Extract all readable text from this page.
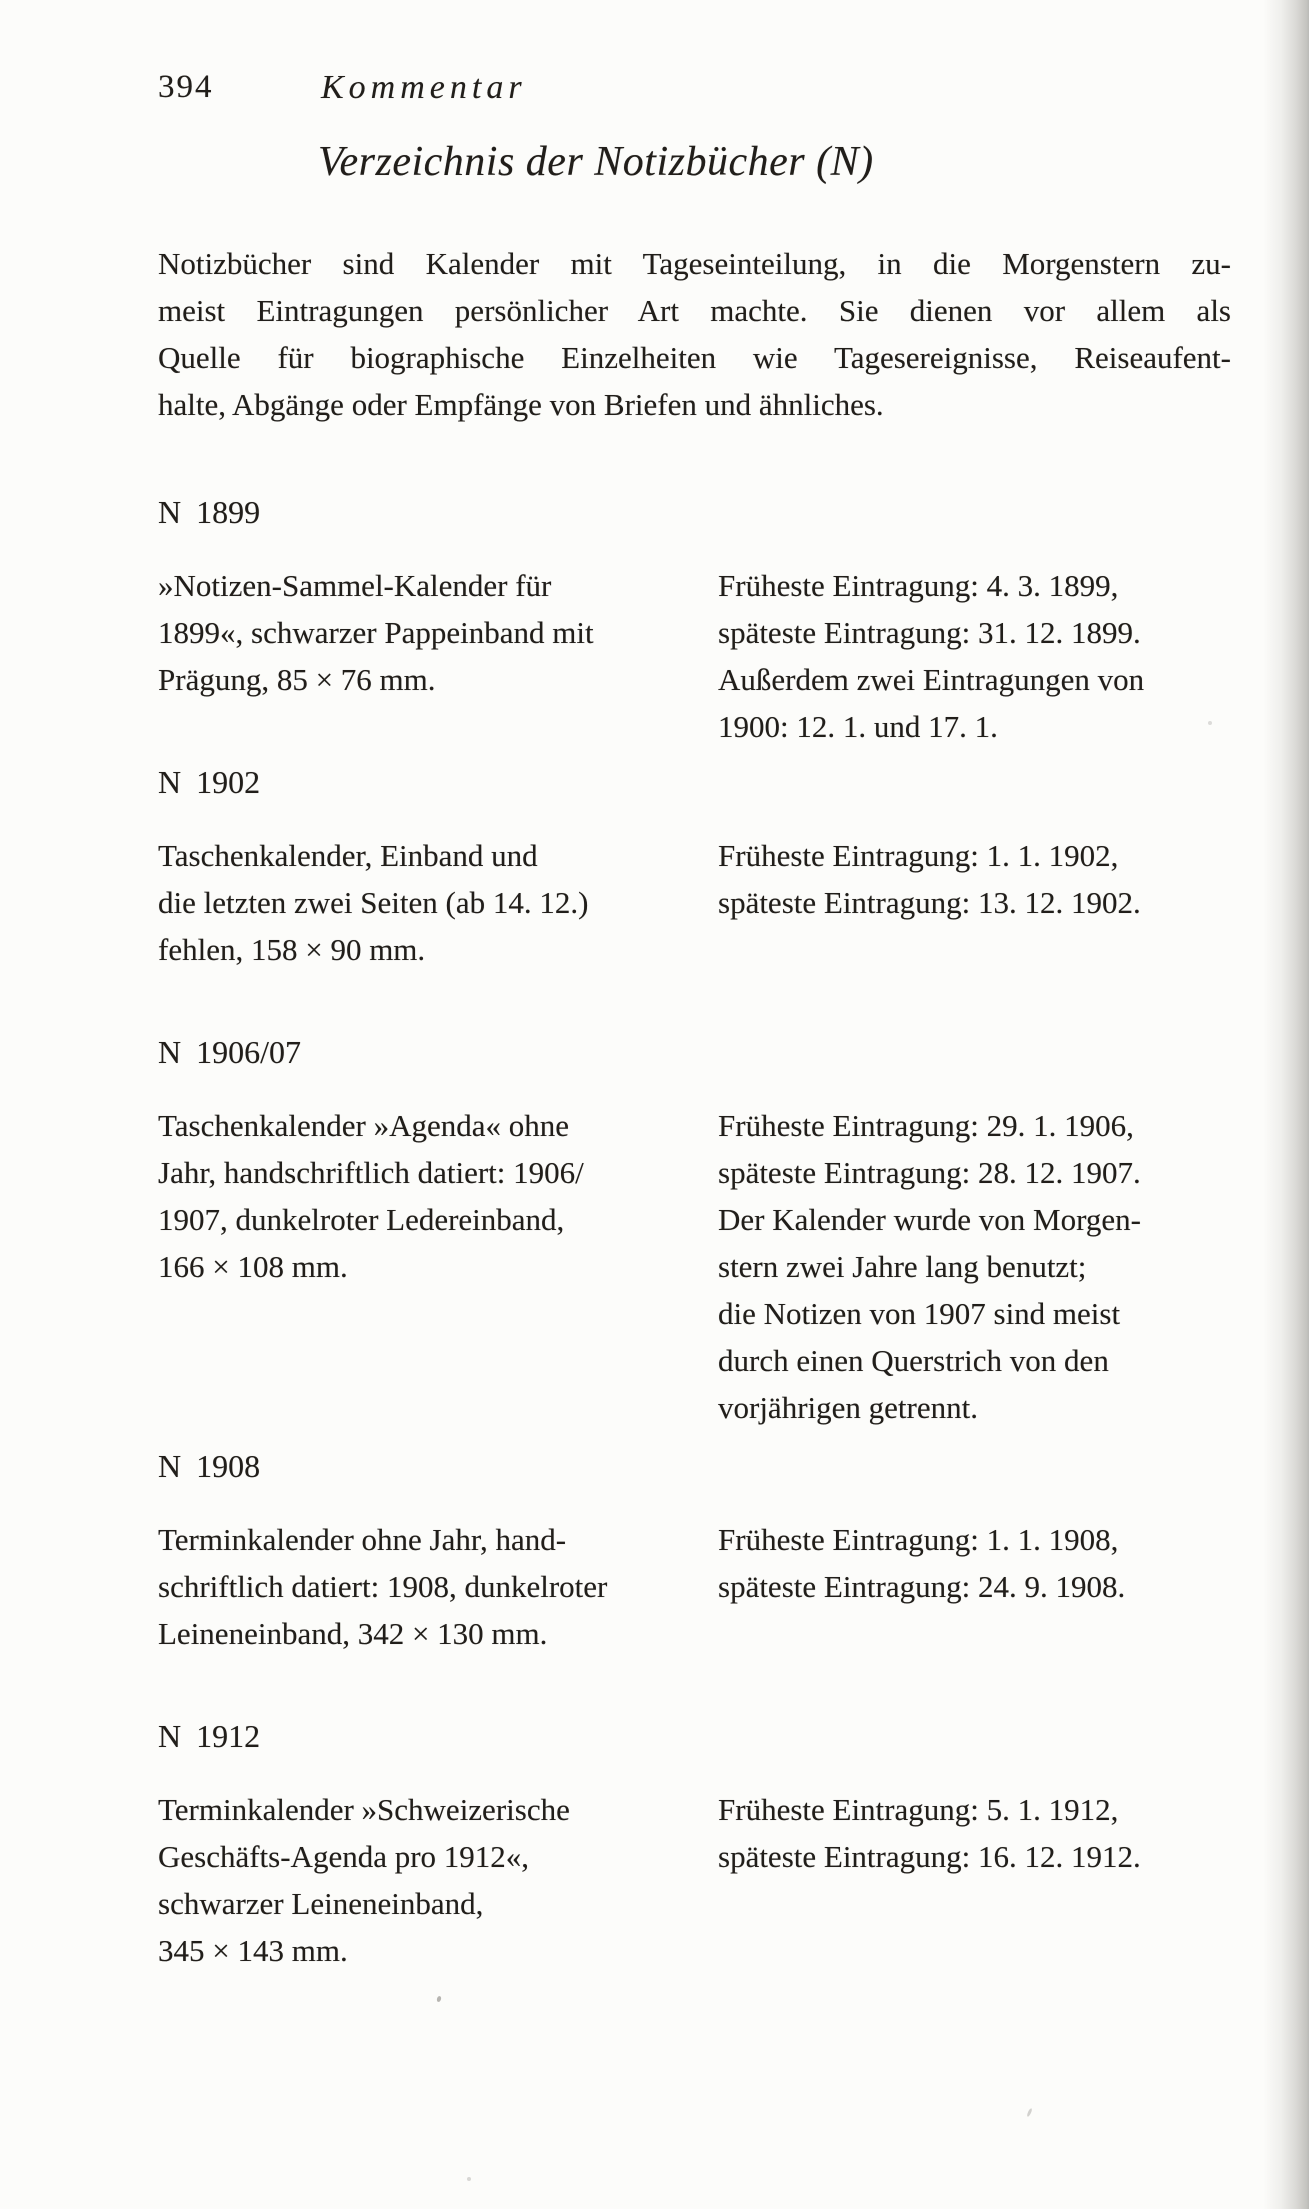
394	Kommentar
Verzeichnis der Notizbücher (N)
Notizbücher sind Kalender mit Tageseinteilung, in die Morgenstern zu-
meist Eintragungen persönlicher Art machte. Sie dienen vor allem als
Quelle für biographische Einzelheiten wie Tagesereignisse, Reiseaufent-
halte, Abgänge oder Empfänge von Briefen und ähnliches.
N 1899
»Notizen-Sammel-Kalender für
1899«, schwarzer Pappeinband mit
Prägung, 85 × 76 mm.
Früheste Eintragung: 4. 3. 1899,
späteste Eintragung: 31. 12. 1899.
Außerdem zwei Eintragungen von
1900: 12. 1. und 17. 1.
N 1902
Taschenkalender, Einband und
die letzten zwei Seiten (ab 14. 12.)
fehlen, 158 × 90 mm.
Früheste Eintragung: 1. 1. 1902,
späteste Eintragung: 13. 12. 1902.
N 1906/07
Taschenkalender »Agenda« ohne
Jahr, handschriftlich datiert: 1906/
1907, dunkelroter Ledereinband,
166 × 108 mm.
Früheste Eintragung: 29. 1. 1906,
späteste Eintragung: 28. 12. 1907.
Der Kalender wurde von Morgen-
stern zwei Jahre lang benutzt;
die Notizen von 1907 sind meist
durch einen Querstrich von den
vorjährigen getrennt.
N 1908
Terminkalender ohne Jahr, hand-
schriftlich datiert: 1908, dunkelroter
Leineneinband, 342 × 130 mm.
Früheste Eintragung: 1. 1. 1908,
späteste Eintragung: 24. 9. 1908.
N 1912
Terminkalender »Schweizerische
Geschäfts-Agenda pro 1912«,
schwarzer Leineneinband,
345 × 143 mm.
Früheste Eintragung: 5. 1. 1912,
späteste Eintragung: 16. 12. 1912.
